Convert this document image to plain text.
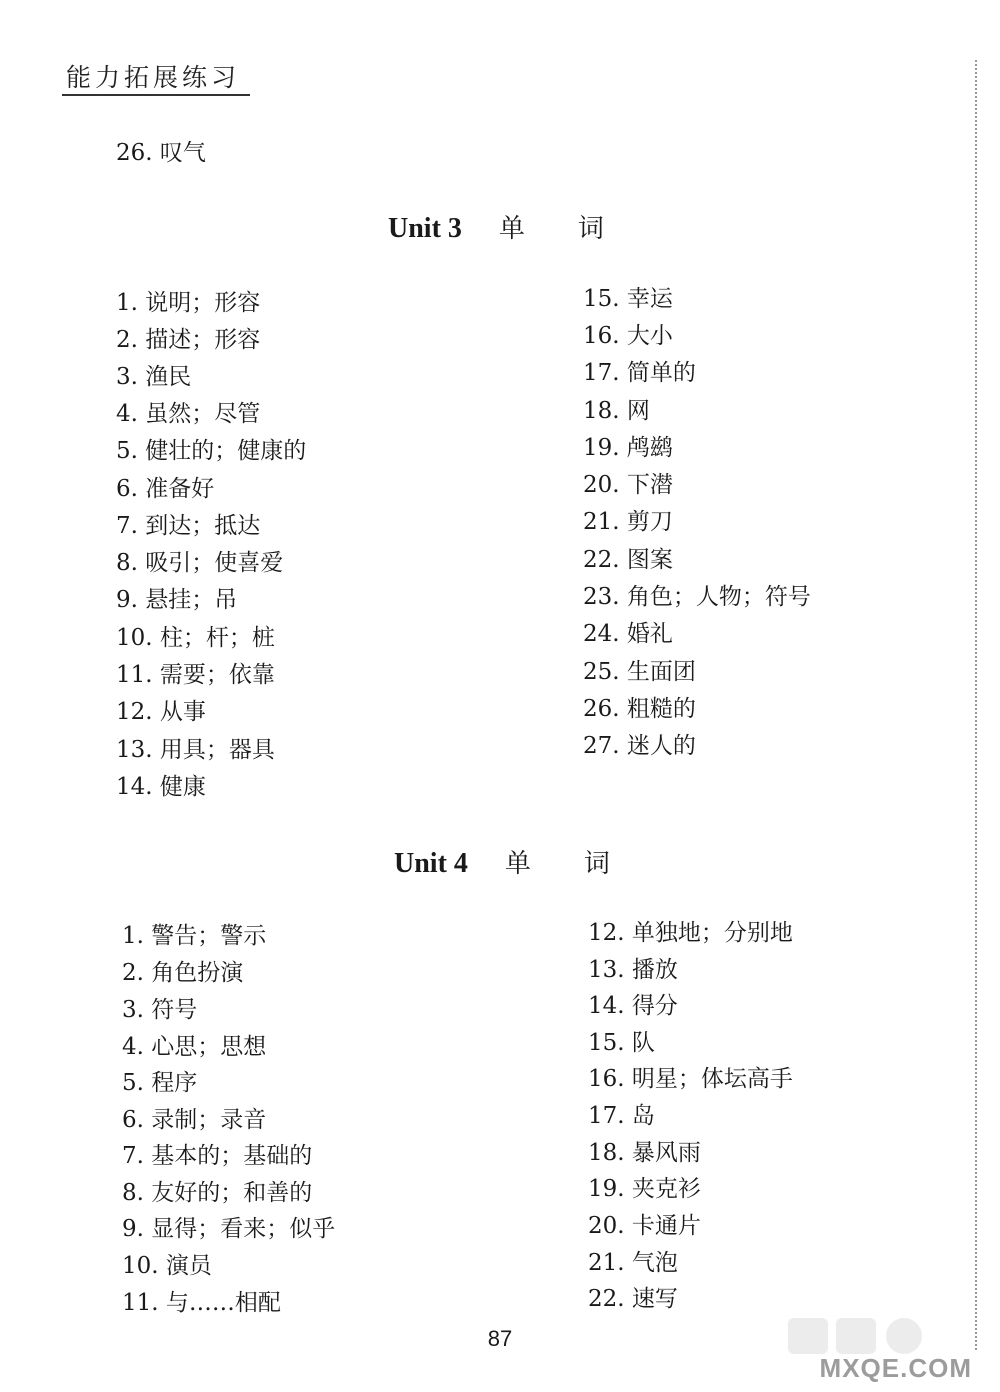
能力拓展练习
26. 叹气
Unit 3 单 词
1. 说明；形容
2. 描述；形容
3. 渔民
4. 虽然；尽管
5. 健壮的；健康的
6. 准备好
7. 到达；抵达
8. 吸引；使喜爱
9. 悬挂；吊
10. 柱；杆；桩
11. 需要；依靠
12. 从事
13. 用具；器具
14. 健康
15. 幸运
16. 大小
17. 简单的
18. 网
19. 鸬鹚
20. 下潜
21. 剪刀
22. 图案
23. 角色；人物；符号
24. 婚礼
25. 生面团
26. 粗糙的
27. 迷人的
Unit 4 单 词
1. 警告；警示
2. 角色扮演
3. 符号
4. 心思；思想
5. 程序
6. 录制；录音
7. 基本的；基础的
8. 友好的；和善的
9. 显得；看来；似乎
10. 演员
11. 与……相配
12. 单独地；分别地
13. 播放
14. 得分
15. 队
16. 明星；体坛高手
17. 岛
18. 暴风雨
19. 夹克衫
20. 卡通片
21. 气泡
22. 速写
87
MXQE.COM
